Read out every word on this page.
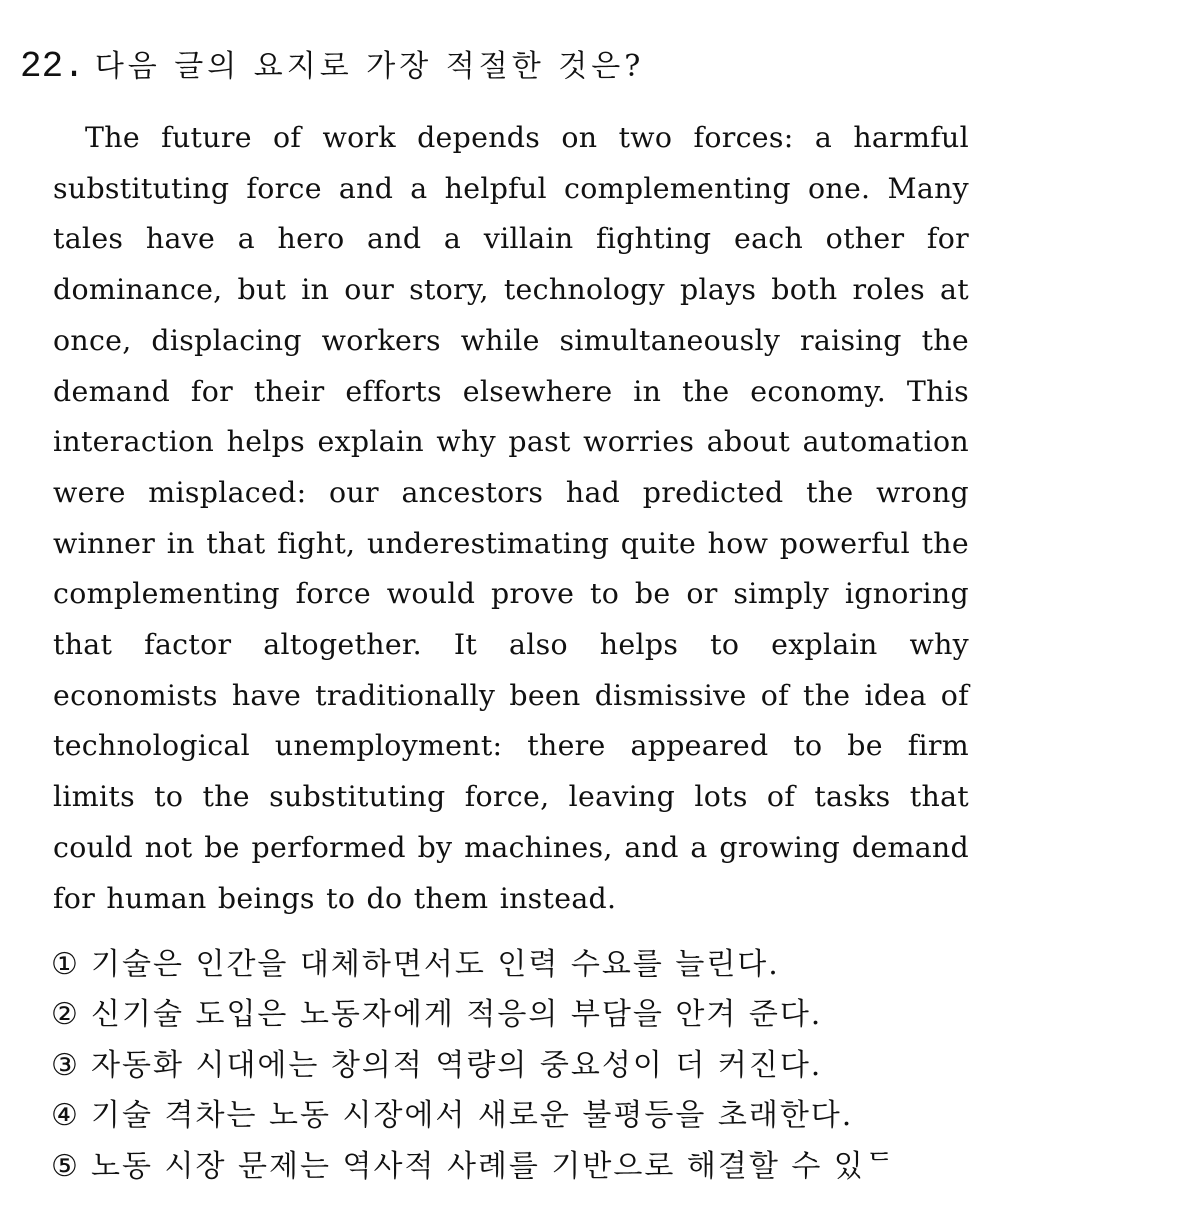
22. 다음 글의 요지로 가장 적절한 것은?

The future of work depends on two forces: a harmful substituting force and a helpful complementing one. Many tales have a hero and a villain fighting each other for dominance, but in our story, technology plays both roles at once, displacing workers while simultaneously raising the demand for their efforts elsewhere in the economy. This interaction helps explain why past worries about automation were misplaced: our ancestors had predicted the wrong winner in that fight, underestimating quite how powerful the complementing force would prove to be or simply ignoring that factor altogether. It also helps to explain why economists have traditionally been dismissive of the idea of technological unemployment: there appeared to be firm limits to the substituting force, leaving lots of tasks that could not be performed by machines, and a growing demand for human beings to do them instead.

① 기술은 인간을 대체하면서도 인력 수요를 늘린다.
② 신기술 도입은 노동자에게 적응의 부담을 안겨 준다.
③ 자동화 시대에는 창의적 역량의 중요성이 더 커진다.
④ 기술 격차는 노동 시장에서 새로운 불평등을 초래한다.
⑤ 노동 시장 문제는 역사적 사례를 기반으로 해결할 수 있ᄃ
